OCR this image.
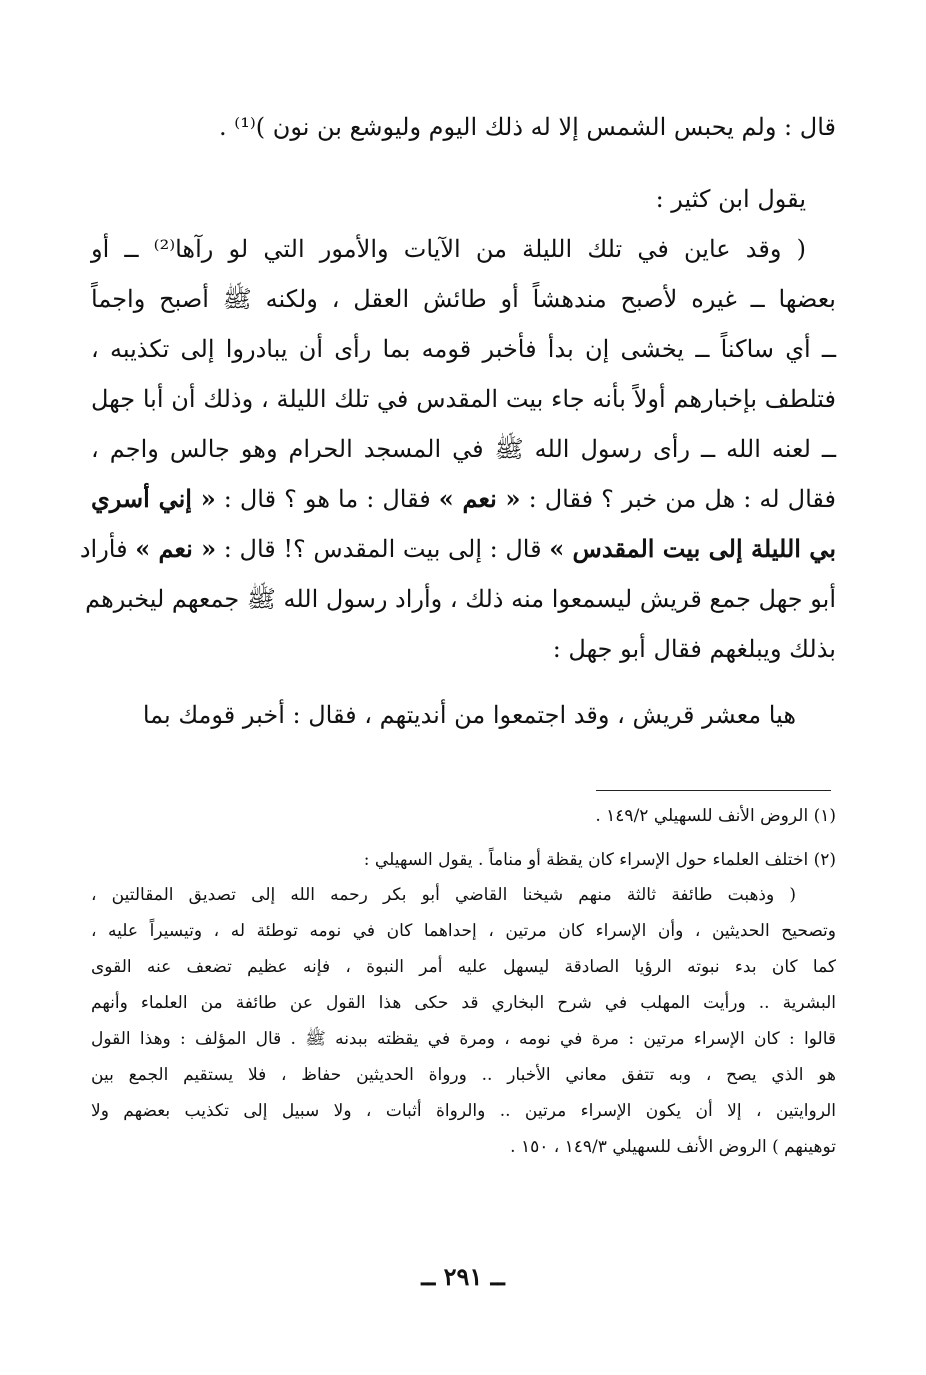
قال : ولم يحبس الشمس إلا له ذلك اليوم وليوشع بن نون )⁽¹⁾ .
يقول ابن كثير :
( وقد عاين في تلك الليلة من الآيات والأمور التي لو رآها⁽²⁾ ــ أو
بعضها ــ غيره لأصبح مندهشاً أو طائش العقل ، ولكنه ﷺ أصبح واجماً
ــ أي ساكناً ــ يخشى إن بدأ فأخبر قومه بما رأى أن يبادروا إلى تكذيبه ،
فتلطف بإخبارهم أولاً بأنه جاء بيت المقدس في تلك الليلة ، وذلك أن أبا جهل
ــ لعنه الله ــ رأى رسول الله ﷺ في المسجد الحرام وهو جالس واجم ،
فقال له : هل من خبر ؟ فقال : « نعم » فقال : ما هو ؟ قال : « إني أسري
بي الليلة إلى بيت المقدس » قال : إلى بيت المقدس ؟! قال : « نعم » فأراد
أبو جهل جمع قريش ليسمعوا منه ذلك ، وأراد رسول الله ﷺ جمعهم ليخبرهم
بذلك ويبلغهم فقال أبو جهل :
هيا معشر قريش ، وقد اجتمعوا من أنديتهم ، فقال : أخبر قومك بما
(١) الروض الأنف للسهيلي ١٤٩/٢ .
(٢) اختلف العلماء حول الإسراء كان يقظة أو مناماً . يقول السهيلي :
( وذهبت طائفة ثالثة منهم شيخنا القاضي أبو بكر رحمه الله إلى تصديق المقالتين ،
وتصحيح الحديثين ، وأن الإسراء كان مرتين ، إحداهما كان في نومه توطئة له ، وتيسيراً عليه ،
كما كان بدء نبوته الرؤيا الصادقة ليسهل عليه أمر النبوة ، فإنه عظيم تضعف عنه القوى
البشرية .. ورأيت المهلب في شرح البخاري قد حكى هذا القول عن طائفة من العلماء وأنهم
قالوا : كان الإسراء مرتين : مرة في نومه ، ومرة في يقظته ببدنه ﷺ . قال المؤلف : وهذا القول
هو الذي يصح ، وبه تتفق معاني الأخبار .. ورواة الحديثين حفاظ ، فلا يستقيم الجمع بين
الروايتين ، إلا أن يكون الإسراء مرتين .. والرواة أثبات ، ولا سبيل إلى تكذيب بعضهم ولا
توهينهم ) الروض الأنف للسهيلي ١٤٩/٣ ، ١٥٠ .
ــ ٢٩١ ــ
